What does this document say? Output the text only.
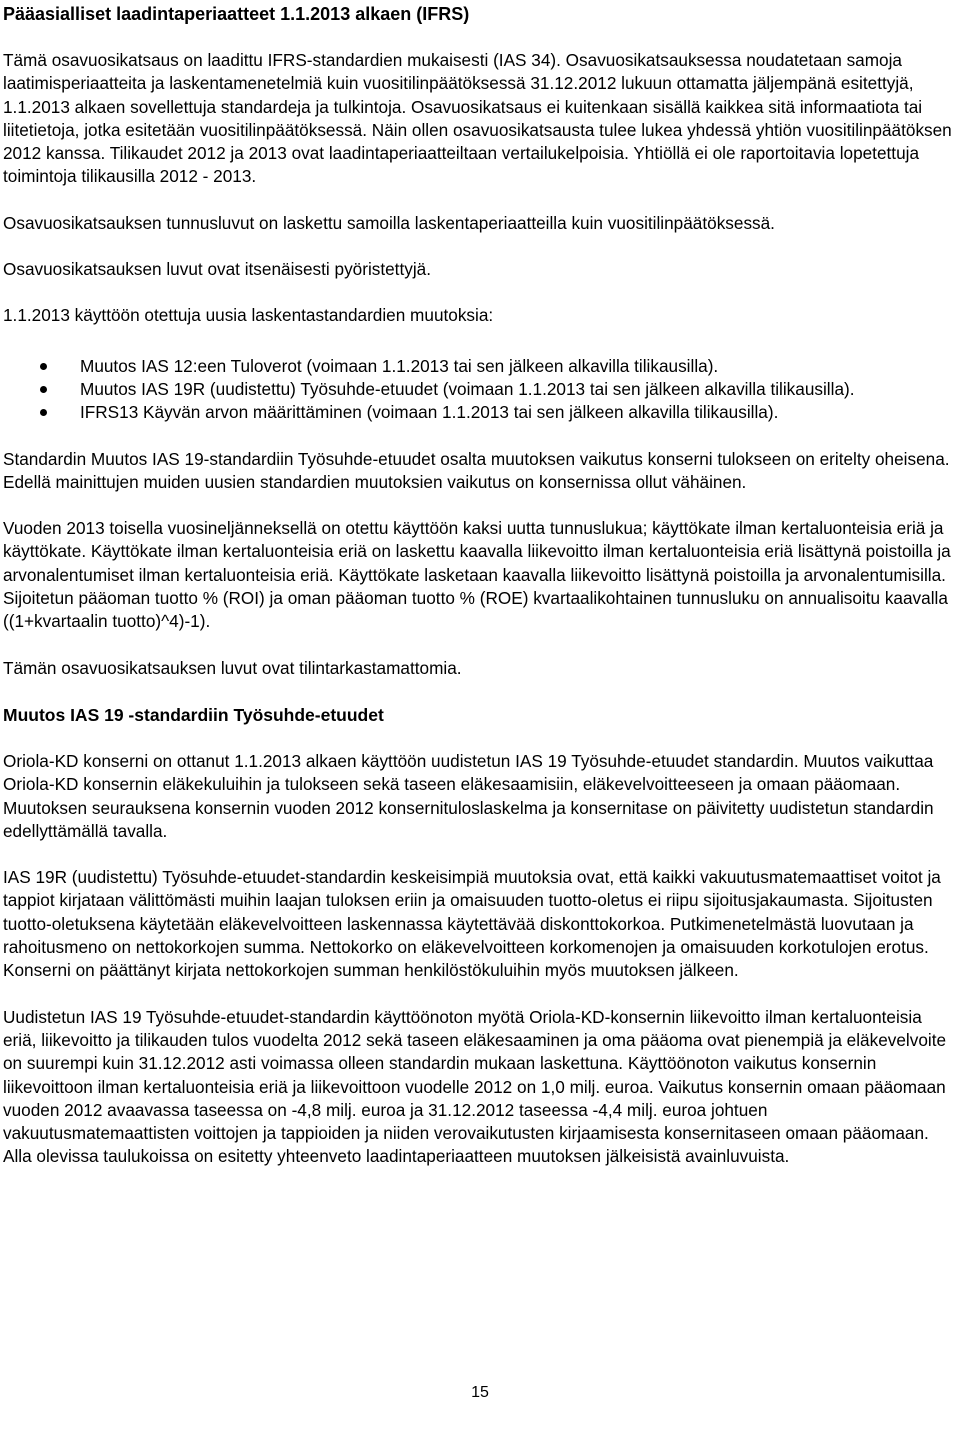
Pääasialliset laadintaperiaatteet 1.1.2013 alkaen (IFRS)

Tämä osavuosikatsaus on laadittu IFRS-standardien mukaisesti (IAS 34). Osavuosikatsauksessa noudatetaan samoja laatimisperiaatteita ja laskentamenetelmiä kuin vuositilinpäätöksessä 31.12.2012 lukuun ottamatta jäljempänä esitettyjä, 1.1.2013 alkaen sovellettuja standardeja ja tulkintoja. Osavuosikatsaus ei kuitenkaan sisällä kaikkea sitä informaatiota tai liitetietoja, jotka esitetään vuositilinpäätöksessä. Näin ollen osavuosikatsausta tulee lukea yhdessä yhtiön vuositilinpäätöksen 2012 kanssa. Tilikaudet 2012 ja 2013 ovat laadintaperiaatteiltaan vertailukelpoisia. Yhtiöllä ei ole raportoitavia lopetettuja toimintoja tilikausilla 2012 - 2013.

Osavuosikatsauksen tunnusluvut on laskettu samoilla laskentaperiaatteilla kuin vuositilinpäätöksessä.

Osavuosikatsauksen luvut ovat itsenäisesti pyöristettyjä.

1.1.2013 käyttöön otettuja uusia laskentastandardien muutoksia:

Muutos IAS 12:een Tuloverot (voimaan 1.1.2013 tai sen jälkeen alkavilla tilikausilla).
Muutos IAS 19R (uudistettu) Työsuhde-etuudet (voimaan 1.1.2013 tai sen jälkeen alkavilla tilikausilla).
IFRS13 Käyvän arvon määrittäminen (voimaan 1.1.2013 tai sen jälkeen alkavilla tilikausilla).

Standardin Muutos IAS 19-standardiin Työsuhde-etuudet osalta muutoksen vaikutus konserni tulokseen on eritelty oheisena. Edellä mainittujen muiden uusien standardien muutoksien vaikutus on konsernissa ollut vähäinen.

Vuoden 2013 toisella vuosineljänneksellä on otettu käyttöön kaksi uutta tunnuslukua; käyttökate ilman kertaluonteisia eriä ja käyttökate. Käyttökate ilman kertaluonteisia eriä on laskettu kaavalla liikevoitto ilman kertaluonteisia eriä lisättynä poistoilla ja arvonalentumiset ilman kertaluonteisia eriä. Käyttökate lasketaan kaavalla liikevoitto lisättynä poistoilla ja arvonalentumisilla. Sijoitetun pääoman tuotto % (ROI) ja oman pääoman tuotto % (ROE) kvartaalikohtainen tunnusluku on annualisoitu kaavalla ((1+kvartaalin tuotto)^4)-1).

Tämän osavuosikatsauksen luvut ovat tilintarkastamattomia.

Muutos IAS 19 -standardiin Työsuhde-etuudet

Oriola-KD konserni on ottanut 1.1.2013 alkaen käyttöön uudistetun IAS 19 Työsuhde-etuudet standardin. Muutos vaikuttaa Oriola-KD konsernin eläkekuluihin ja tulokseen sekä taseen eläkesaamisiin, eläkevelvoitteeseen ja omaan pääomaan. Muutoksen seurauksena konsernin vuoden 2012 konsernituloslaskelma ja konsernitase on päivitetty uudistetun standardin edellyttämällä tavalla.

IAS 19R (uudistettu) Työsuhde-etuudet-standardin keskeisimpiä muutoksia ovat, että kaikki vakuutusmatemaattiset voitot ja tappiot kirjataan välittömästi muihin laajan tuloksen eriin ja omaisuuden tuotto-oletus ei riipu sijoitusjakaumasta. Sijoitusten tuotto-oletuksena käytetään eläkevelvoitteen laskennassa käytettävää diskonttokorkoa. Putkimenetelmästä luovutaan ja rahoitusmeno on nettokorkojen summa. Nettokorko on eläkevelvoitteen korkomenojen ja omaisuuden korkotulojen erotus. Konserni on päättänyt kirjata nettokorkojen summan henkilöstökuluihin myös muutoksen jälkeen.

Uudistetun IAS 19 Työsuhde-etuudet-standardin käyttöönoton myötä Oriola-KD-konsernin liikevoitto ilman kertaluonteisia eriä, liikevoitto ja tilikauden tulos vuodelta 2012 sekä taseen eläkesaaminen ja oma pääoma ovat pienempiä ja eläkevelvoite on suurempi kuin 31.12.2012 asti voimassa olleen standardin mukaan laskettuna. Käyttöönoton vaikutus konsernin liikevoittoon ilman kertaluonteisia eriä ja liikevoittoon vuodelle 2012 on 1,0 milj. euroa. Vaikutus konsernin omaan pääomaan vuoden 2012 avaavassa taseessa on -4,8 milj. euroa ja 31.12.2012 taseessa -4,4 milj. euroa johtuen vakuutusmatemaattisten voittojen ja tappioiden ja niiden verovaikutusten kirjaamisesta konsernitaseen omaan pääomaan. Alla olevissa taulukoissa on esitetty yhteenveto laadintaperiaatteen muutoksen jälkeisistä avainluvuista.

15
